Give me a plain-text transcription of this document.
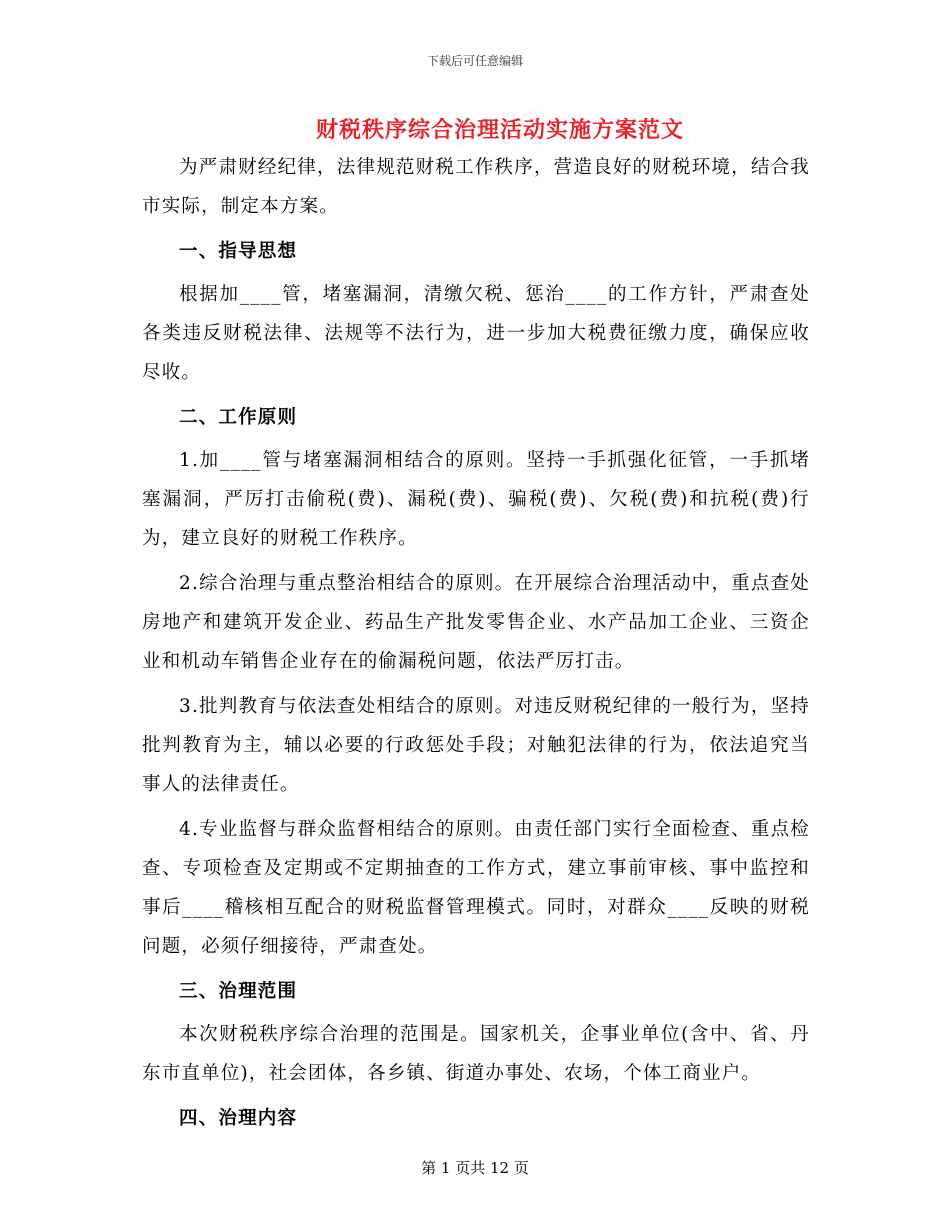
下载后可任意编辑
财税秩序综合治理活动实施方案范文

为严肃财经纪律，法律规范财税工作秩序，营造良好的财税环境，结合我市实际，制定本方案。

一、指导思想

根据加____管，堵塞漏洞，清缴欠税、惩治____的工作方针，严肃查处各类违反财税法律、法规等不法行为，进一步加大税费征缴力度，确保应收尽收。

二、工作原则

1.加____管与堵塞漏洞相结合的原则。坚持一手抓强化征管，一手抓堵塞漏洞，严厉打击偷税(费)、漏税(费)、骗税(费)、欠税(费)和抗税(费)行为，建立良好的财税工作秩序。

2.综合治理与重点整治相结合的原则。在开展综合治理活动中，重点查处房地产和建筑开发企业、药品生产批发零售企业、水产品加工企业、三资企业和机动车销售企业存在的偷漏税问题，依法严厉打击。

3.批判教育与依法查处相结合的原则。对违反财税纪律的一般行为，坚持批判教育为主，辅以必要的行政惩处手段；对触犯法律的行为，依法追究当事人的法律责任。

4.专业监督与群众监督相结合的原则。由责任部门实行全面检查、重点检查、专项检查及定期或不定期抽查的工作方式，建立事前审核、事中监控和事后____稽核相互配合的财税监督管理模式。同时，对群众____反映的财税问题，必须仔细接待，严肃查处。

三、治理范围

本次财税秩序综合治理的范围是。国家机关，企事业单位(含中、省、丹东市直单位)，社会团体，各乡镇、街道办事处、农场，个体工商业户。

四、治理内容

第 1 页共 12 页
